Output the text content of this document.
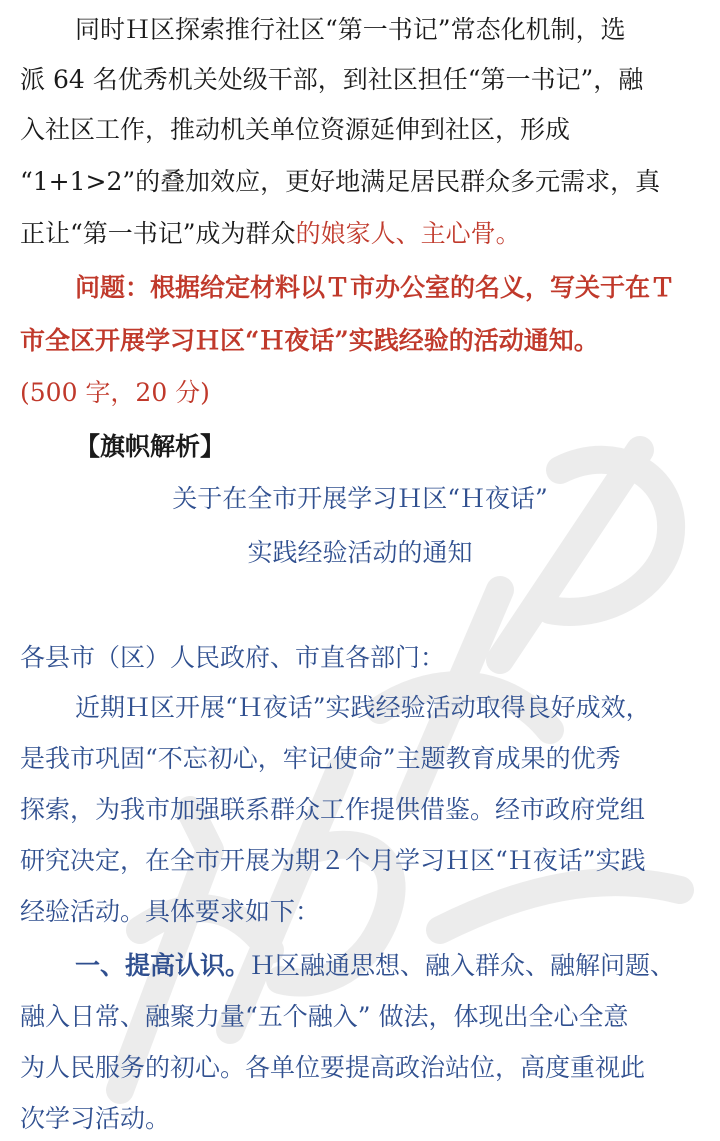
同时Ｈ区探索推行社区“第一书记”常态化机制，选
派 64 名优秀机关处级干部，到社区担任“第一书记”，融
入社区工作，推动机关单位资源延伸到社区，形成
“1+1>2”的叠加效应，更好地满足居民群众多元需求，真
正让“第一书记”成为群众的娘家人、主心骨。
问题：根据给定材料以Ｔ市办公室的名义，写关于在Ｔ
市全区开展学习Ｈ区“Ｈ夜话”实践经验的活动通知。
(500 字，20 分)
【旗帜解析】
关于在全市开展学习Ｈ区“Ｈ夜话”
实践经验活动的通知
各县市（区）人民政府、市直各部门：
近期Ｈ区开展“Ｈ夜话”实践经验活动取得良好成效，
是我市巩固“不忘初心，牢记使命”主题教育成果的优秀
探索，为我市加强联系群众工作提供借鉴。经市政府党组
研究决定，在全市开展为期２个月学习Ｈ区“Ｈ夜话”实践
经验活动。具体要求如下：
一、提高认识。Ｈ区融通思想、融入群众、融解问题、
融入日常、融聚力量“五个融入” 做法，体现出全心全意
为人民服务的初心。各单位要提高政治站位，高度重视此
次学习活动。
